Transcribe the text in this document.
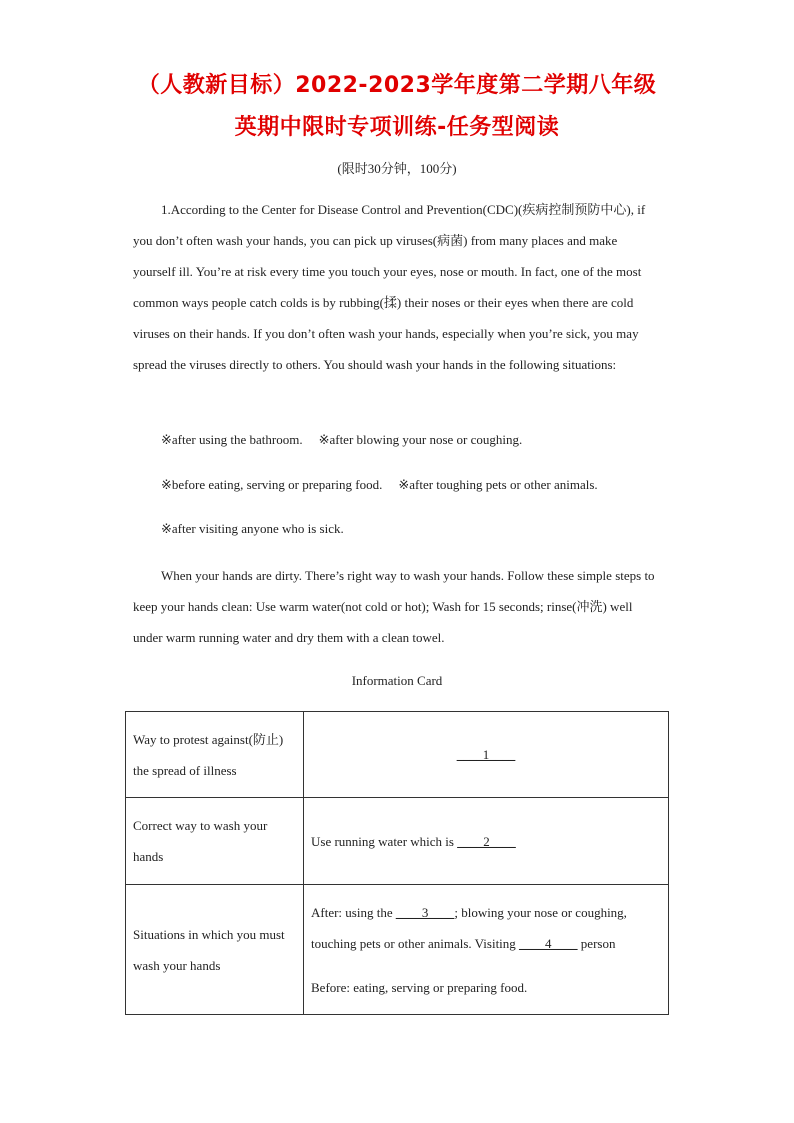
（人教新目标）2022-2023学年度第二学期八年级
英期中限时专项训练-任务型阅读
(限时30分钟，100分)
1.According to the Center for Disease Control and Prevention(CDC)(疾病控制预防中心), if you don’t often wash your hands, you can pick up viruses(病菌) from many places and make yourself ill. You’re at risk every time you touch your eyes, nose or mouth. In fact, one of the most common ways people catch colds is by rubbing(揉) their noses or their eyes when there are cold viruses on their hands. If you don’t often wash your hands, especially when you’re sick, you may spread the viruses directly to others. You should wash your hands in the following situations:
※after using the bathroom. ※after blowing your nose or coughing.
※before eating, serving or preparing food. ※after toughing pets or other animals.
※after visiting anyone who is sick.
When your hands are dirty. There’s right way to wash your hands. Follow these simple steps to keep your hands clean: Use warm water(not cold or hot); Wash for 15 seconds; rinse(冲洗) well under warm running water and dry them with a clean towel.
Information Card
Way to protest against(防止) the spread of illness	____1____
Correct way to wash your hands	Use running water which is ____2____
Situations in which you must wash your hands	After: using the ____3____; blowing your nose or coughing, touching pets or other animals. Visiting ____4____ person
Before: eating, serving or preparing food.
